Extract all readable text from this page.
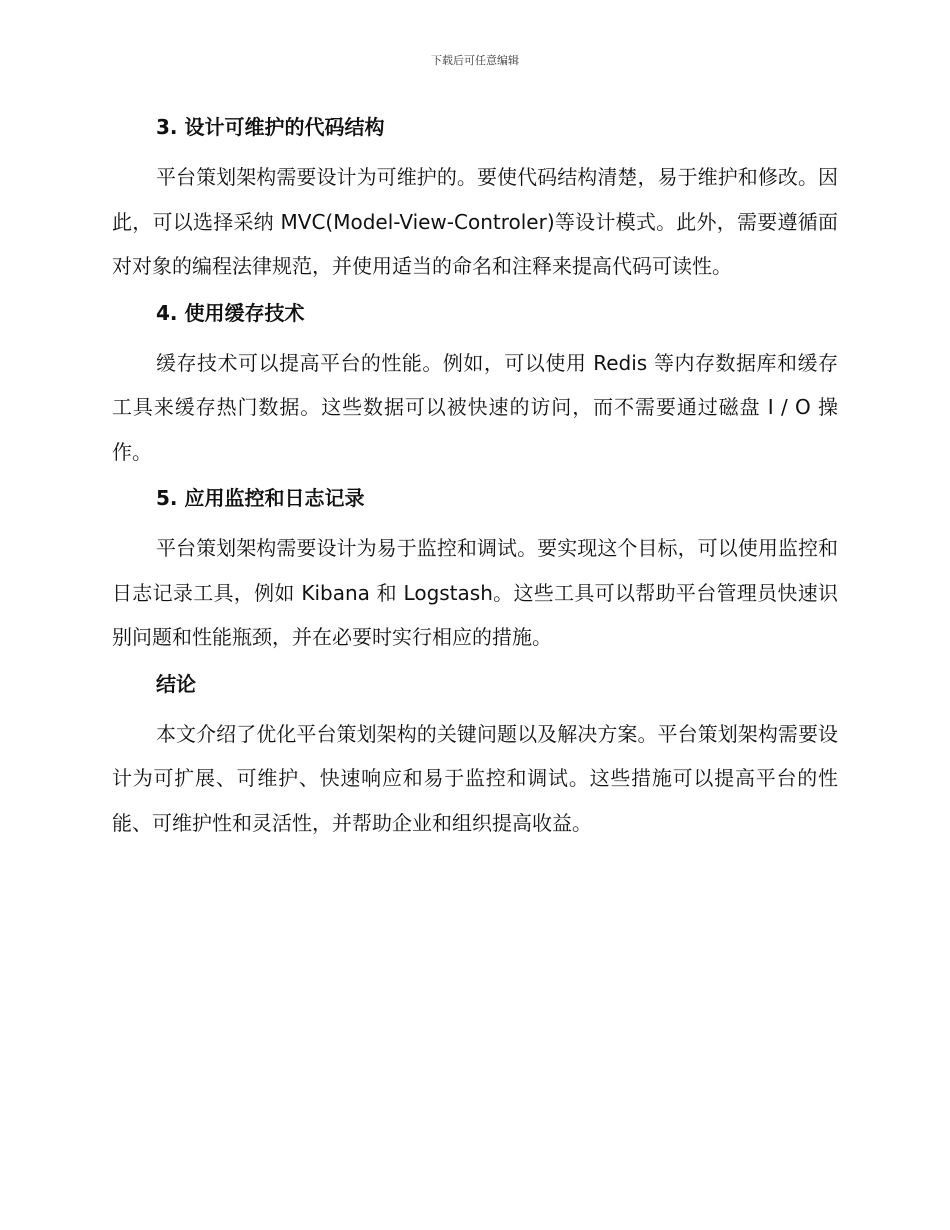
下载后可任意编辑
3. 设计可维护的代码结构

平台策划架构需要设计为可维护的。要使代码结构清楚，易于维护和修改。因此，可以选择采纳 MVC(Model-View-Controler)等设计模式。此外，需要遵循面对对象的编程法律规范，并使用适当的命名和注释来提高代码可读性。

4. 使用缓存技术

缓存技术可以提高平台的性能。例如，可以使用 Redis 等内存数据库和缓存工具来缓存热门数据。这些数据可以被快速的访问，而不需要通过磁盘 I / O 操作。

5. 应用监控和日志记录

平台策划架构需要设计为易于监控和调试。要实现这个目标，可以使用监控和日志记录工具，例如 Kibana 和 Logstash。这些工具可以帮助平台管理员快速识别问题和性能瓶颈，并在必要时实行相应的措施。

结论

本文介绍了优化平台策划架构的关键问题以及解决方案。平台策划架构需要设计为可扩展、可维护、快速响应和易于监控和调试。这些措施可以提高平台的性能、可维护性和灵活性，并帮助企业和组织提高收益。
